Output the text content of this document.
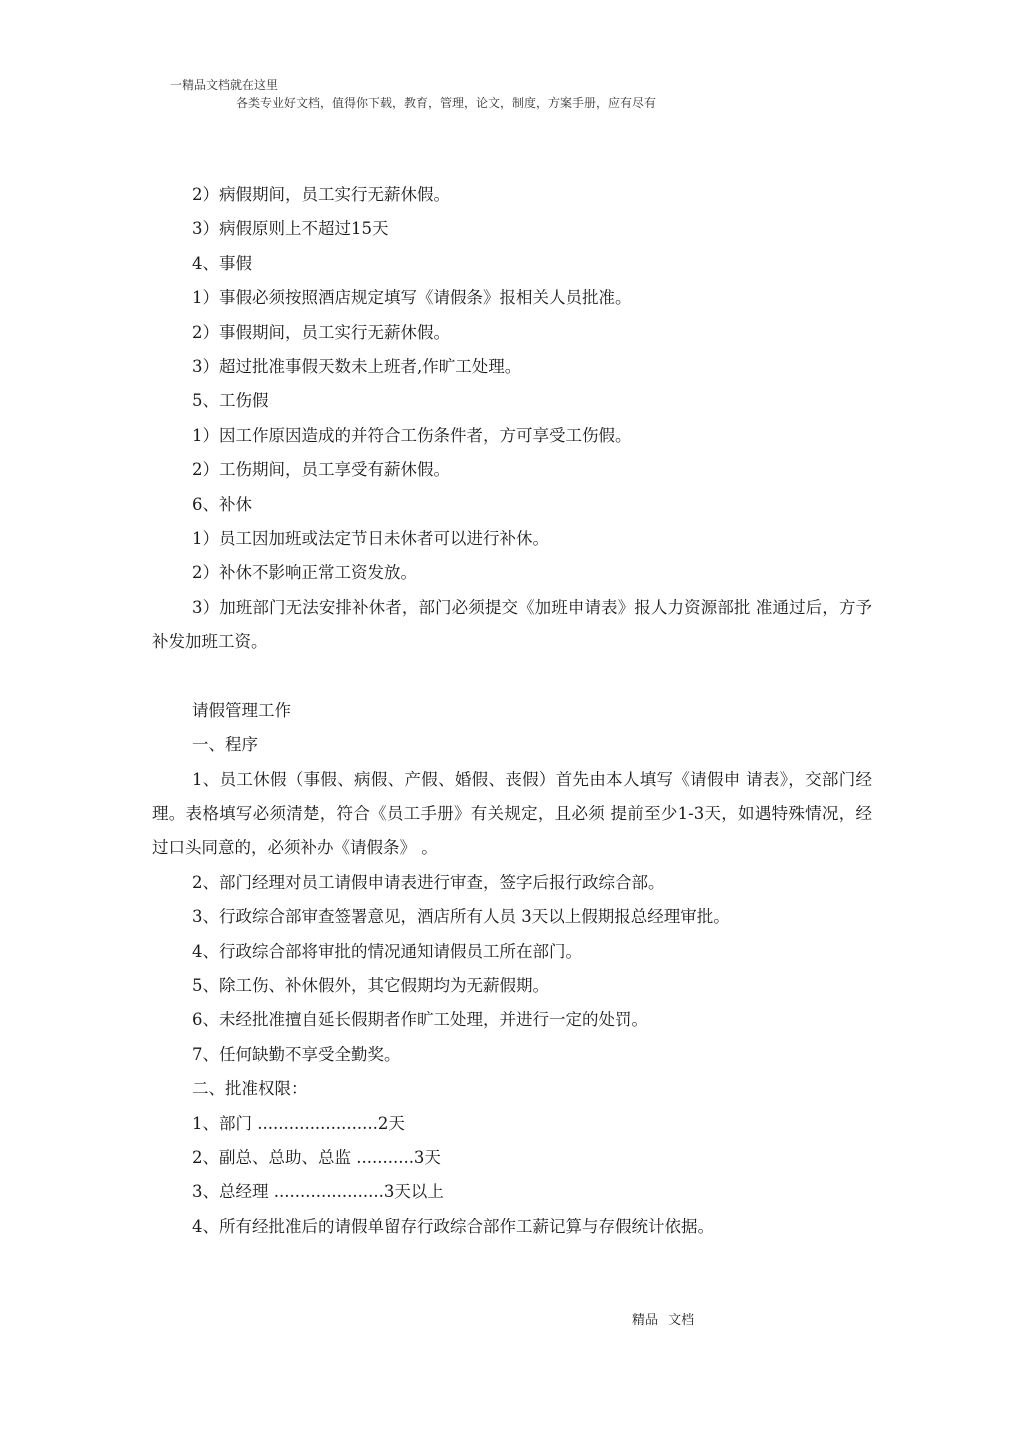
一精品文档就在这里
各类专业好文档，值得你下载，教育，管理，论文，制度，方案手册，应有尽有
2）病假期间，员工实行无薪休假。
3）病假原则上不超过15天
4、事假
1）事假必须按照酒店规定填写《请假条》报相关人员批准。
2）事假期间，员工实行无薪休假。
3）超过批准事假天数未上班者,作旷工处理。
5、工伤假
1）因工作原因造成的并符合工伤条件者，方可享受工伤假。
2）工伤期间，员工享受有薪休假。
6、补休
1）员工因加班或法定节日未休者可以进行补休。
2）补休不影响正常工资发放。
3）加班部门无法安排补休者，部门必须提交《加班申请表》报人力资源部批 准通过后，方予补发加班工资。
请假管理工作
一、程序
1、员工休假（事假、病假、产假、婚假、丧假）首先由本人填写《请假申 请表》，交部门经理。表格填写必须清楚，符合《员工手册》有关规定，且必须 提前至少1-3天，如遇特殊情况，经过口头同意的，必须补办《请假条》 。
2、部门经理对员工请假申请表进行审查，签字后报行政综合部。
3、行政综合部审查签署意见，酒店所有人员 3天以上假期报总经理审批。
4、行政综合部将审批的情况通知请假员工所在部门。
5、除工伤、补休假外，其它假期均为无薪假期。
6、未经批准擅自延长假期者作旷工处理，并进行一定的处罚。
7、任何缺勤不享受全勤奖。
二、批准权限：
1、部门 .......................2天
2、副总、总助、总监 ...........3天
3、总经理 .....................3天以上
4、所有经批准后的请假单留存行政综合部作工薪记算与存假统计依据。
精品 文档
